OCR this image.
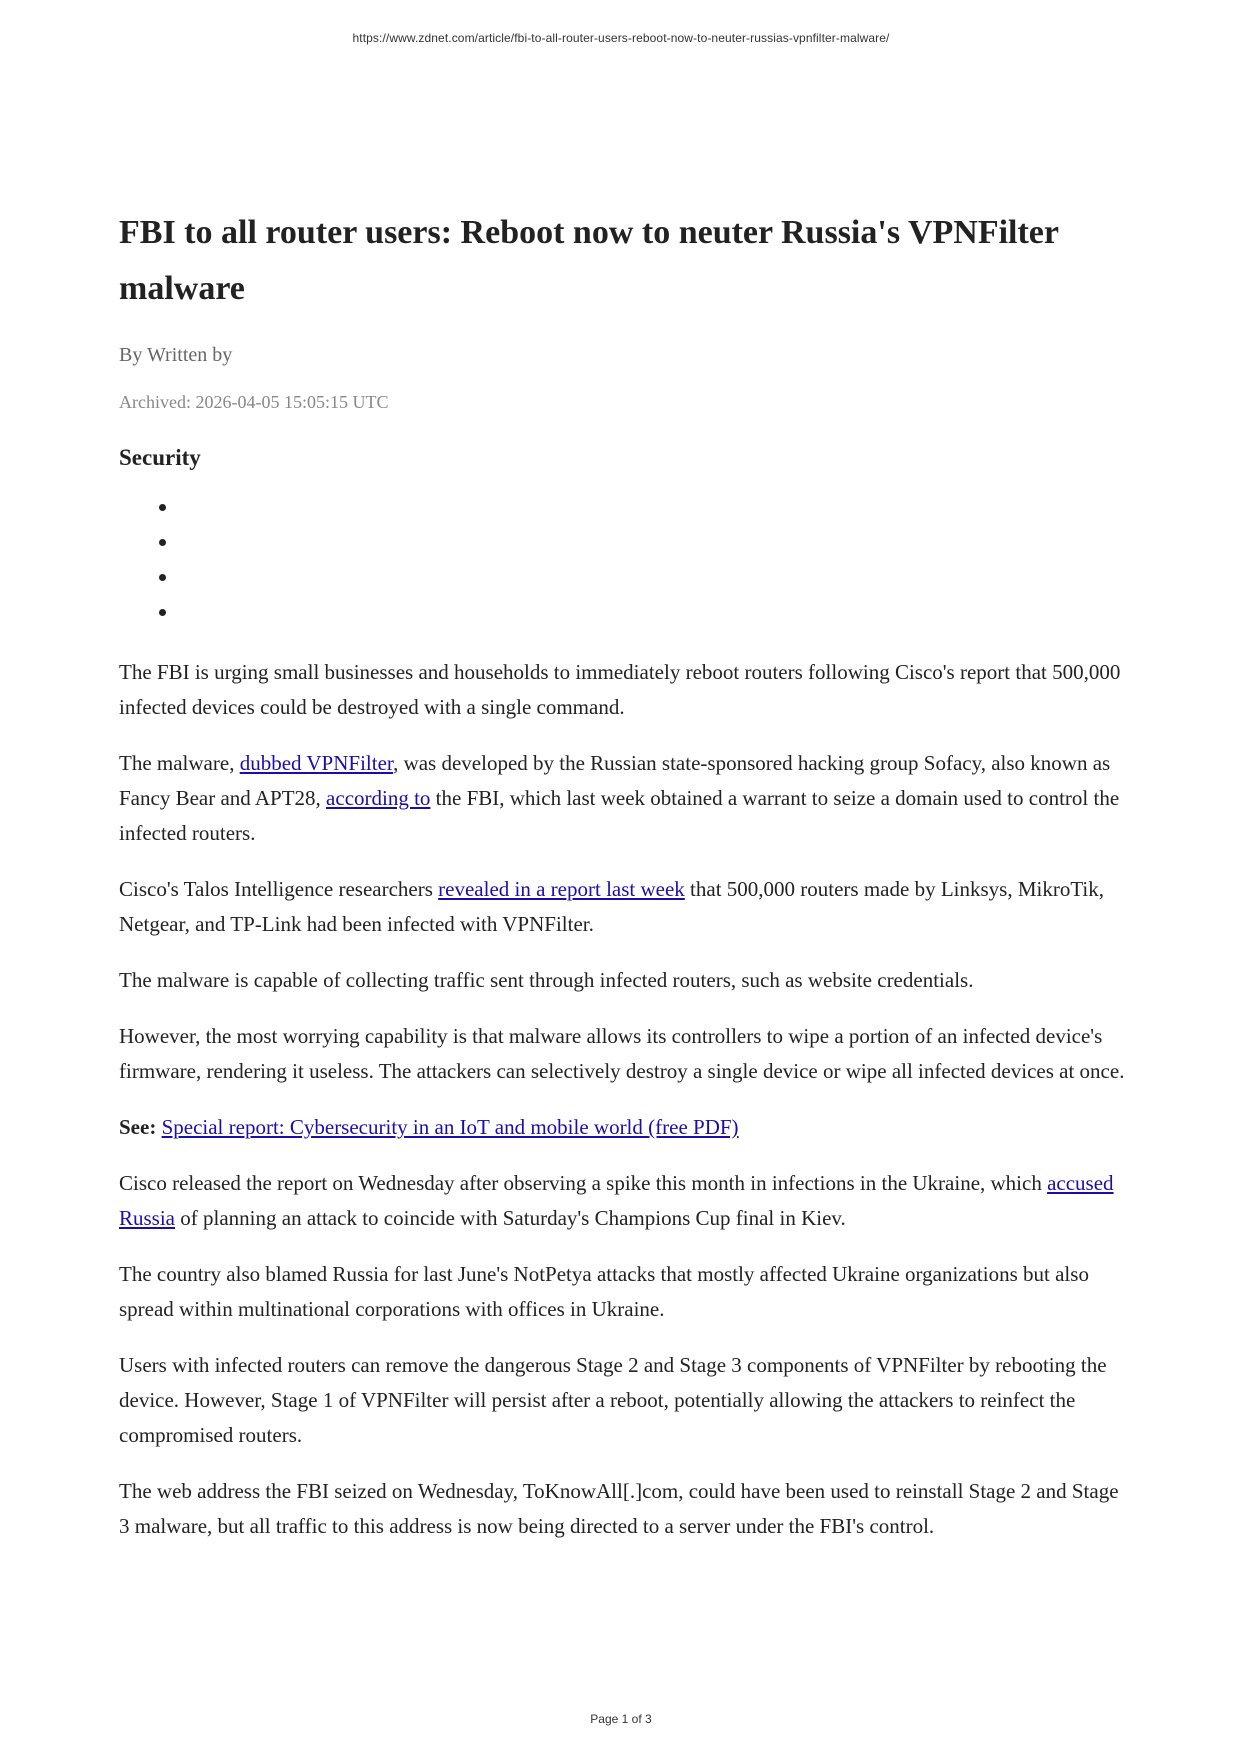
https://www.zdnet.com/article/fbi-to-all-router-users-reboot-now-to-neuter-russias-vpnfilter-malware/
FBI to all router users: Reboot now to neuter Russia's VPNFilter malware
By Written by
Archived: 2026-04-05 15:05:15 UTC
Security

The FBI is urging small businesses and households to immediately reboot routers following Cisco's report that 500,000 infected devices could be destroyed with a single command.

The malware, dubbed VPNFilter, was developed by the Russian state-sponsored hacking group Sofacy, also known as Fancy Bear and APT28, according to the FBI, which last week obtained a warrant to seize a domain used to control the infected routers.

Cisco's Talos Intelligence researchers revealed in a report last week that 500,000 routers made by Linksys, MikroTik, Netgear, and TP-Link had been infected with VPNFilter.

The malware is capable of collecting traffic sent through infected routers, such as website credentials.

However, the most worrying capability is that malware allows its controllers to wipe a portion of an infected device's firmware, rendering it useless. The attackers can selectively destroy a single device or wipe all infected devices at once.

See: Special report: Cybersecurity in an IoT and mobile world (free PDF)

Cisco released the report on Wednesday after observing a spike this month in infections in the Ukraine, which accused Russia of planning an attack to coincide with Saturday's Champions Cup final in Kiev.

The country also blamed Russia for last June's NotPetya attacks that mostly affected Ukraine organizations but also spread within multinational corporations with offices in Ukraine.

Users with infected routers can remove the dangerous Stage 2 and Stage 3 components of VPNFilter by rebooting the device. However, Stage 1 of VPNFilter will persist after a reboot, potentially allowing the attackers to reinfect the compromised routers.

The web address the FBI seized on Wednesday, ToKnowAll[.]com, could have been used to reinstall Stage 2 and Stage 3 malware, but all traffic to this address is now being directed to a server under the FBI's control.

Page 1 of 3
